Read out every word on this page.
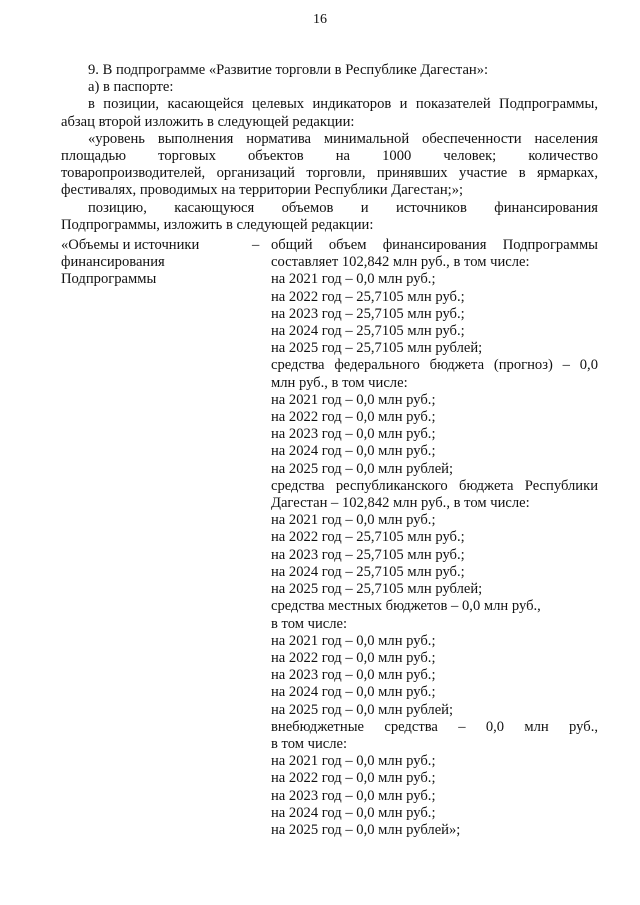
16

9. В подпрограмме «Развитие торговли в Республике Дагестан»:

а) в паспорте:

в позиции, касающейся целевых индикаторов и показателей Подпрограммы,

абзац второй изложить в следующей редакции:

«уровень выполнения норматива минимальной обеспеченности населения

площадью торговых объектов на 1000 человек; количество

товаропроизводителей, организаций торговли, принявших участие в ярмарках,

фестивалях, проводимых на территории Республики Дагестан;»;

позицию, касающуюся объемов и источников финансирования

Подпрограммы, изложить в следующей редакции:

«Объемы и источники
финансирования
Подпрограммы
– общий объем финансирования Подпрограммы
составляет 102,842 млн руб., в том числе:
на 2021 год – 0,0 млн руб.;
на 2022 год – 25,7105 млн руб.;
на 2023 год – 25,7105 млн руб.;
на 2024 год – 25,7105 млн руб.;
на 2025 год – 25,7105 млн рублей;
средства федерального бюджета (прогноз) – 0,0
млн руб., в том числе:
на 2021 год – 0,0 млн руб.;
на 2022 год – 0,0 млн руб.;
на 2023 год – 0,0 млн руб.;
на 2024 год – 0,0 млн руб.;
на 2025 год – 0,0 млн рублей;
средства республиканского бюджета Республики
Дагестан – 102,842 млн руб., в том числе:
на 2021 год – 0,0 млн руб.;
на 2022 год – 25,7105 млн руб.;
на 2023 год – 25,7105 млн руб.;
на 2024 год – 25,7105 млн руб.;
на 2025 год – 25,7105 млн рублей;
средства местных бюджетов – 0,0 млн руб.,
в том числе:
на 2021 год – 0,0 млн руб.;
на 2022 год – 0,0 млн руб.;
на 2023 год – 0,0 млн руб.;
на 2024 год – 0,0 млн руб.;
на 2025 год – 0,0 млн рублей;
внебюджетные средства – 0,0 млн руб.,
в том числе:
на 2021 год – 0,0 млн руб.;
на 2022 год – 0,0 млн руб.;
на 2023 год – 0,0 млн руб.;
на 2024 год – 0,0 млн руб.;
на 2025 год – 0,0 млн рублей»;
